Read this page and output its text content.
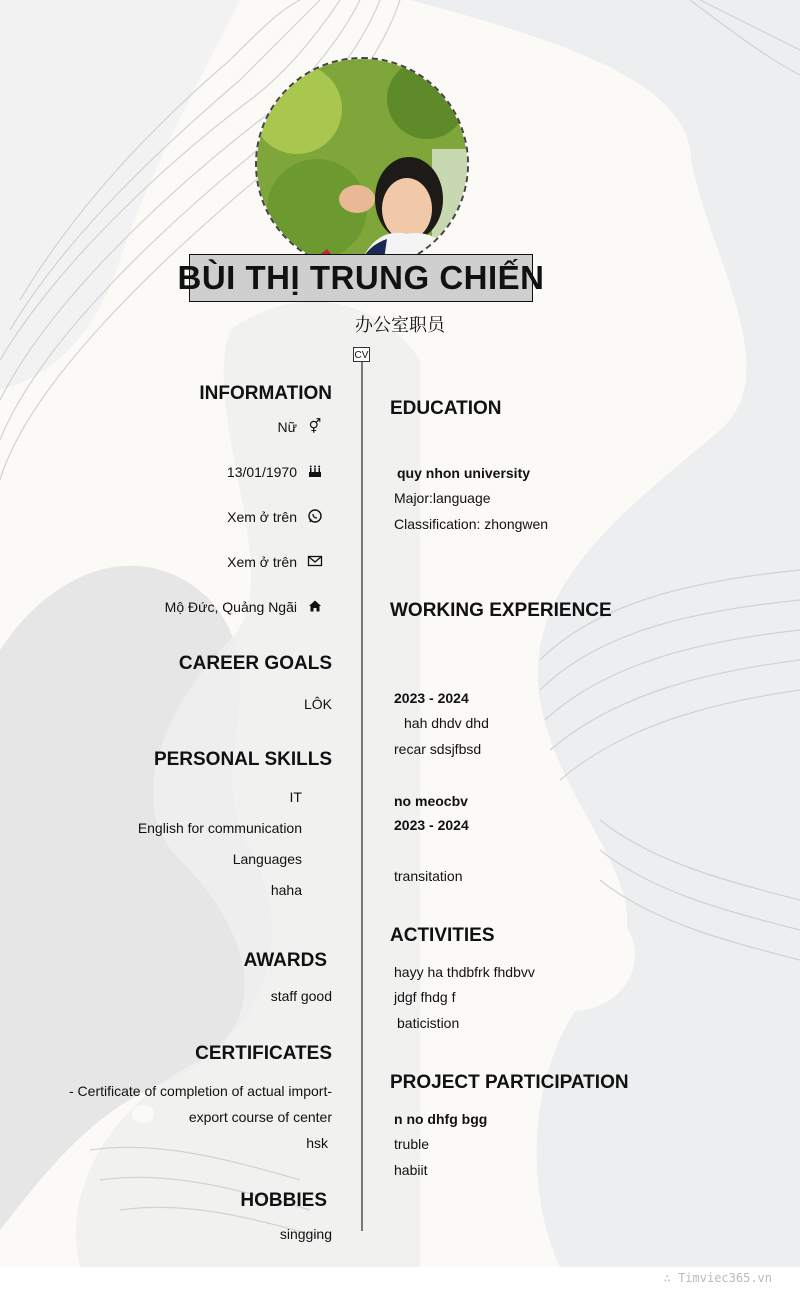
BÙI THỊ TRUNG CHIẾN
办公室职员
CV
INFORMATION
Nữ ⚥
13/01/1970
Xem ở trên
Xem ở trên
Mộ Đức, Quảng Ngãi
CAREER GOALS
LÔK
PERSONAL SKILLS
IT
English for communication
Languages
haha
AWARDS
staff good
CERTIFICATES
- Certificate of completion of actual import-
export course of center
hsk
HOBBIES
singging
EDUCATION
quy nhon university
Major:language
Classification: zhongwen
WORKING EXPERIENCE
2023 - 2024
hah dhdv dhd
recar sdsjfbsd
no meocbv
2023 - 2024
transitation
ACTIVITIES
hayy ha thdbfrk fhdbvv
jdgf fhdg f
baticistion
PROJECT PARTICIPATION
n no dhfg bgg
truble
habiit
∴ Timviec365.vn
